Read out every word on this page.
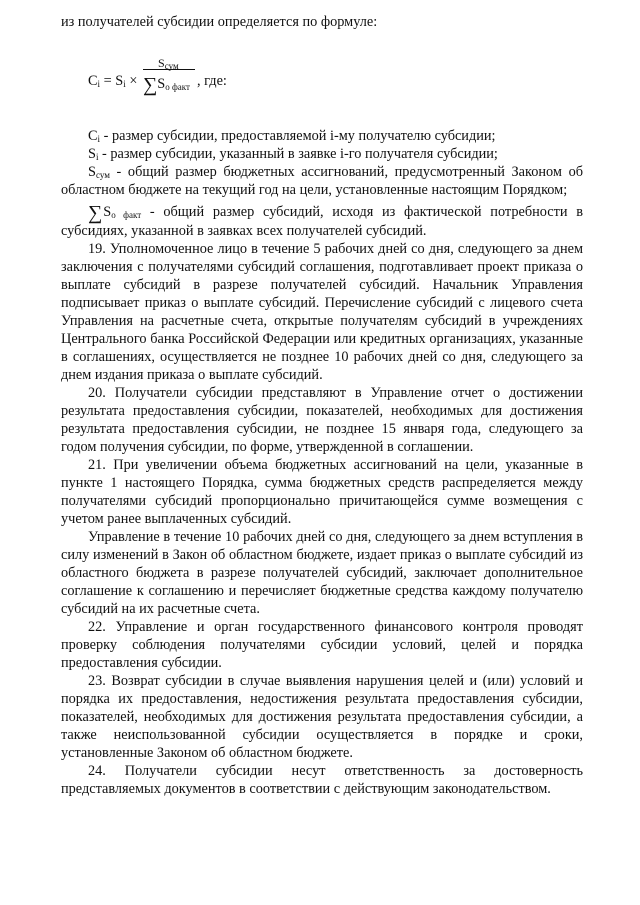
из получателей субсидии определяется по формуле:

$C_i = S_i$ ×
$S_{сум}$
$\sum S_{о факт}$ , где:

$C_i$ - размер субсидии, предоставляемой i-му получателю субсидии;

$S_i$ - размер субсидии, указанный в заявке i-го получателя субсидии;

$S_{сум}$ - общий размер бюджетных ассигнований, предусмотренный Законом об областном бюджете на текущий год на цели, установленные настоящим Порядком;

$\sum S_{о факт}$ - общий размер субсидий, исходя из фактической потребности в субсидиях, указанной в заявках всех получателей субсидий.

19. Уполномоченное лицо в течение 5 рабочих дней со дня, следующего за днем заключения с получателями субсидий соглашения, подготавливает проект приказа о выплате субсидий в разрезе получателей субсидий. Начальник Управления подписывает приказ о выплате субсидий. Перечисление субсидий с лицевого счета Управления на расчетные счета, открытые получателям субсидий в учреждениях Центрального банка Российской Федерации или кредитных организациях, указанные в соглашениях, осуществляется не позднее 10 рабочих дней со дня, следующего за днем издания приказа о выплате субсидий.

20. Получатели субсидии представляют в Управление отчет о достижении результата предоставления субсидии, показателей, необходимых для достижения результата предоставления субсидии, не позднее 15 января года, следующего за годом получения субсидии, по форме, утвержденной в соглашении.

21. При увеличении объема бюджетных ассигнований на цели, указанные в пункте 1 настоящего Порядка, сумма бюджетных средств распределяется между получателями субсидий пропорционально причитающейся сумме возмещения с учетом ранее выплаченных субсидий.

Управление в течение 10 рабочих дней со дня, следующего за днем вступления в силу изменений в Закон об областном бюджете, издает приказ о выплате субсидий из областного бюджета в разрезе получателей субсидий, заключает дополнительное соглашение к соглашению и перечисляет бюджетные средства каждому получателю субсидий на их расчетные счета.

22. Управление и орган государственного финансового контроля проводят проверку соблюдения получателями субсидии условий, целей и порядка предоставления субсидии.

23. Возврат субсидии в случае выявления нарушения целей и (или) условий и порядка их предоставления, недостижения результата предоставления субсидии, показателей, необходимых для достижения результата предоставления субсидии, а также неиспользованной субсидии осуществляется в порядке и сроки, установленные Законом об областном бюджете.

24. Получатели субсидии несут ответственность за достоверность представляемых документов в соответствии с действующим законодательством.
